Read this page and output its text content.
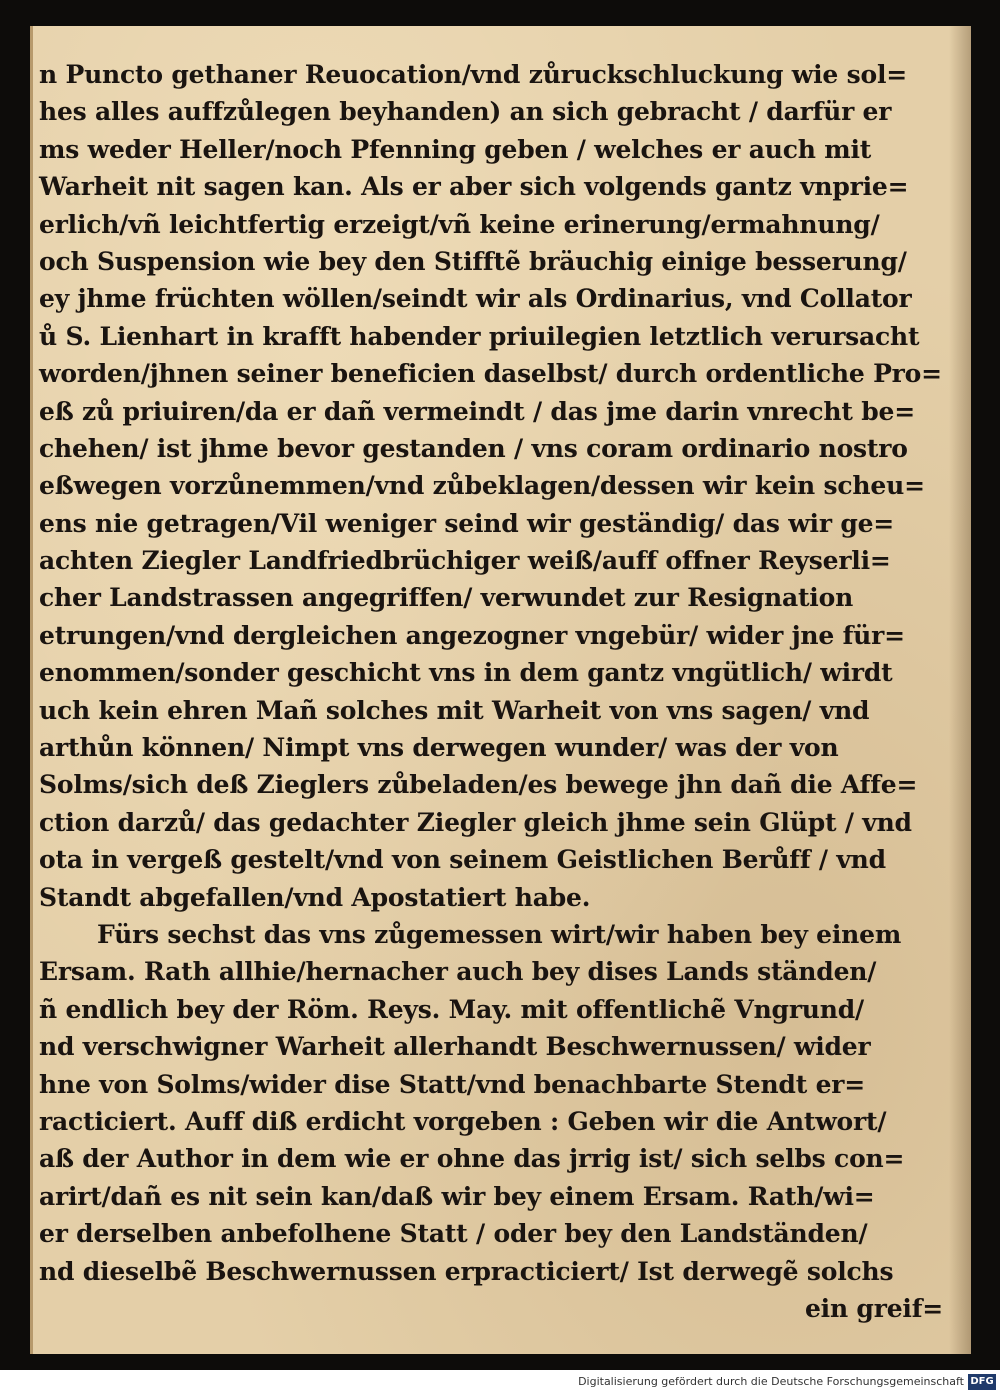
n Puncto gethaner Reuocation/vnd zůruckschluckung wie sol=
hes alles auffzůlegen beyhanden) an sich gebracht / darfür er
ms weder Heller/noch Pfenning geben / welches er auch mit
Warheit nit sagen kan. Als er aber sich volgends gantz vnprie=
erlich/vñ leichtfertig erzeigt/vñ keine erinerung/ermahnung/
och Suspension wie bey den Stifftẽ bräuchig einige besserung/
ey jhme früchten wöllen/seindt wir als Ordinarius, vnd Collator
ů S. Lienhart in krafft habender priuilegien letztlich verursacht
worden/jhnen seiner beneficien daselbst/ durch ordentliche Pro=
eß zů priuiren/da er dañ vermeindt / das jme darin vnrecht be=
chehen/ ist jhme bevor gestanden / vns coram ordinario nostro
eßwegen vorzůnemmen/vnd zůbeklagen/dessen wir kein scheu=
ens nie getragen/Vil weniger seind wir geständig/ das wir ge=
achten Ziegler Landfriedbrüchiger weiß/auff offner Reyserli=
cher Landstrassen angegriffen/ verwundet zur Resignation
etrungen/vnd dergleichen angezogner vngebür/ wider jne für=
enommen/sonder geschicht vns in dem gantz vngütlich/ wirdt
uch kein ehren Mañ solches mit Warheit von vns sagen/ vnd
arthůn können/ Nimpt vns derwegen wunder/ was der von
Solms/sich deß Zieglers zůbeladen/es bewege jhn dañ die Affe=
ction darzů/ das gedachter Ziegler gleich jhme sein Glüpt / vnd
ota in vergeß gestelt/vnd von seinem Geistlichen Berůff / vnd
Standt abgefallen/vnd Apostatiert habe.
Fürs sechst das vns zůgemessen wirt/wir haben bey einem
Ersam. Rath allhie/hernacher auch bey dises Lands ständen/
ñ endlich bey der Röm. Reys. May. mit offentlichẽ Vngrund/
nd verschwigner Warheit allerhandt Beschwernussen/ wider
hne von Solms/wider dise Statt/vnd benachbarte Stendt er=
racticiert. Auff diß erdicht vorgeben : Geben wir die Antwort/
aß der Author in dem wie er ohne das jrrig ist/ sich selbs con=
arirt/dañ es nit sein kan/daß wir bey einem Ersam. Rath/wi=
er derselben anbefolhene Statt / oder bey den Landständen/
nd dieselbẽ Beschwernussen erpracticiert/ Ist derwegẽ solchs
ein greif=
Digitalisierung gefördert durch die Deutsche Forschungsgemeinschaft DFG
